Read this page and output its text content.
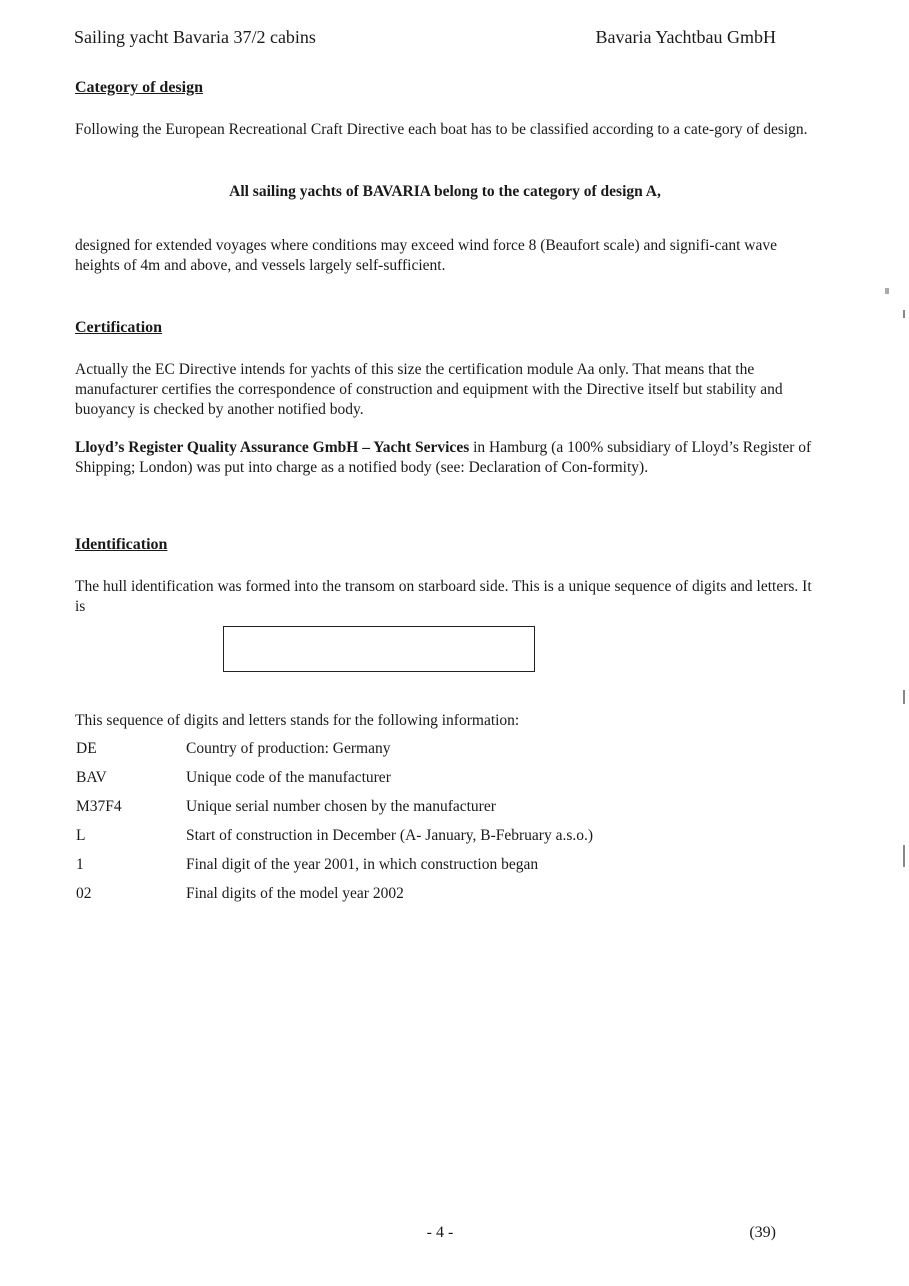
Sailing yacht Bavaria 37/2 cabins	Bavaria Yachtbau GmbH
Category of design
Following the European Recreational Craft Directive each boat has to be classified according to a cate-gory of design.
All sailing yachts of BAVARIA belong to the category of design A,
designed for extended voyages where conditions may exceed wind force 8 (Beaufort scale) and signifi-cant wave heights of 4m and above, and vessels largely self-sufficient.
Certification
Actually the EC Directive intends for yachts of this size the certification module Aa only. That means that the manufacturer certifies the correspondence of construction and equipment with the Directive itself but stability and buoyancy is checked by another notified body.
Lloyd’s Register Quality Assurance GmbH – Yacht Services in Hamburg (a 100% subsidiary of Lloyd’s Register of Shipping; London) was put into charge as a notified body (see: Declaration of Con-formity).
Identification
The hull identification was formed into the transom on starboard side. This is a unique sequence of digits and letters. It is
This sequence of digits and letters stands for the following information:
DE	Country of production: Germany
BAV	Unique code of the manufacturer
M37F4	Unique serial number chosen by the manufacturer
L	Start of construction in December (A- January, B-February a.s.o.)
1	Final digit of the year 2001, in which construction began
02	Final digits of the model year 2002
- 4 -	(39)
